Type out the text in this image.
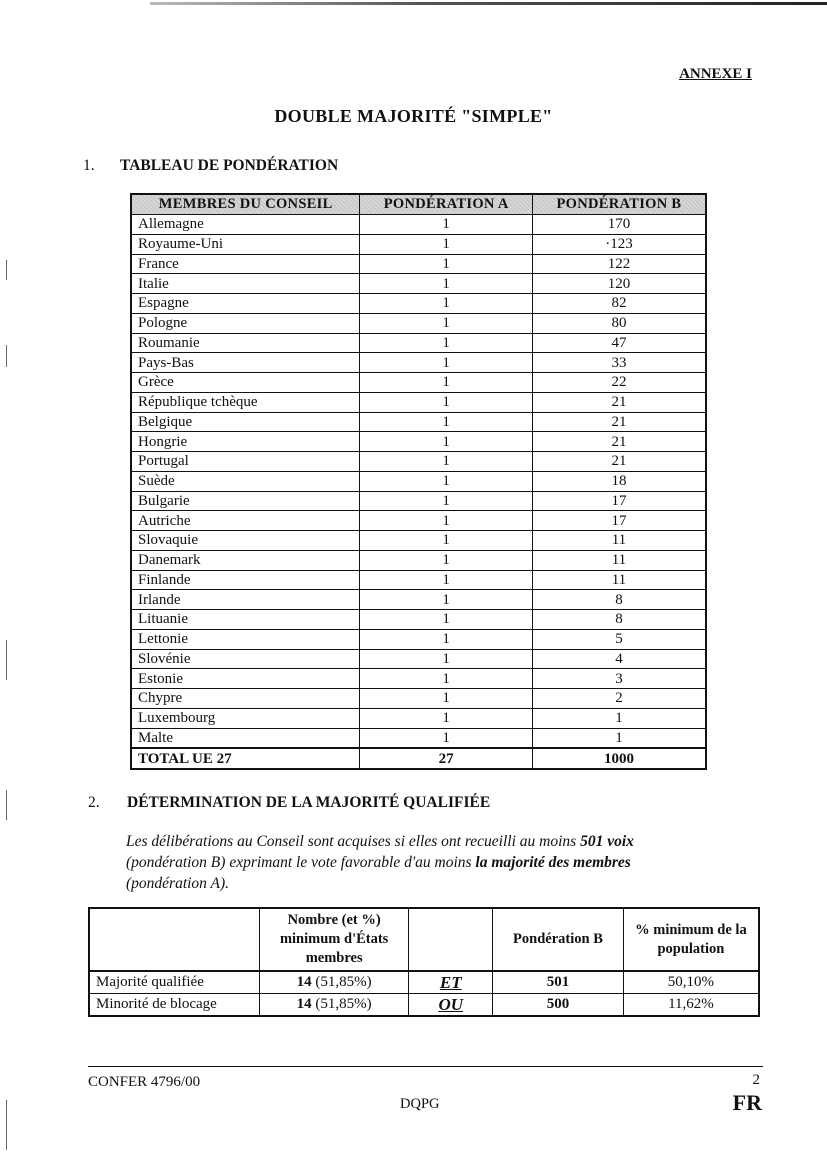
ANNEXE I
DOUBLE MAJORITÉ "SIMPLE"
1. TABLEAU DE PONDÉRATION
MEMBRES DU CONSEIL	PONDÉRATION A	PONDÉRATION B
Allemagne	1	170
Royaume-Uni	1	·123
France	1	122
Italie	1	120
Espagne	1	82
Pologne	1	80
Roumanie	1	47
Pays-Bas	1	33
Grèce	1	22
République tchèque	1	21
Belgique	1	21
Hongrie	1	21
Portugal	1	21
Suède	1	18
Bulgarie	1	17
Autriche	1	17
Slovaquie	1	11
Danemark	1	11
Finlande	1	11
Irlande	1	8
Lituanie	1	8
Lettonie	1	5
Slovénie	1	4
Estonie	1	3
Chypre	1	2
Luxembourg	1	1
Malte	1	1
TOTAL UE 27	27	1000
2. DÉTERMINATION DE LA MAJORITÉ QUALIFIÉE
Les délibérations au Conseil sont acquises si elles ont recueilli au moins 501 voix (pondération B) exprimant le vote favorable d'au moins la majorité des membres (pondération A).
	Nombre (et %) minimum d'États membres		Pondération B	% minimum de la population
Majorité qualifiée	14 (51,85%)	ET	501	50,10%
Minorité de blocage	14 (51,85%)	OU	500	11,62%
CONFER 4796/00
DQPG
2
FR
